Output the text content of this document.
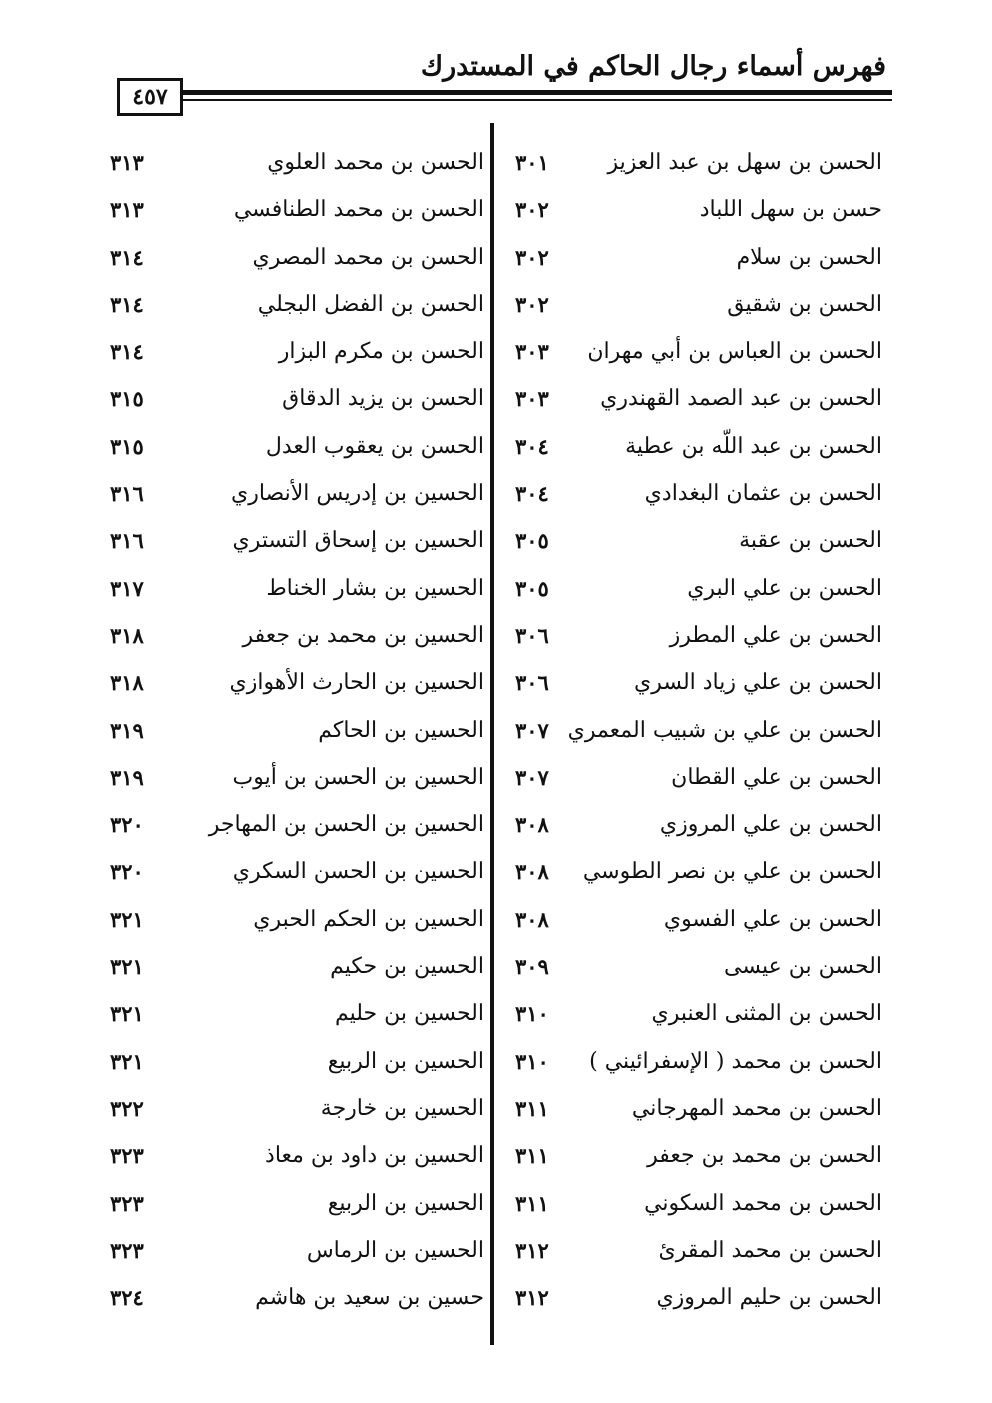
فهرس أسماء رجال الحاكم في المستدرك
٤٥٧
الحسن بن سهل بن عبد العزيز
٣٠١
حسن بن سهل اللباد
٣٠٢
الحسن بن سلام
٣٠٢
الحسن بن شقيق
٣٠٢
الحسن بن العباس بن أبي مهران
٣٠٣
الحسن بن عبد الصمد القهندري
٣٠٣
الحسن بن عبد اللّه بن عطية
٣٠٤
الحسن بن عثمان البغدادي
٣٠٤
الحسن بن عقبة
٣٠٥
الحسن بن علي البري
٣٠٥
الحسن بن علي المطرز
٣٠٦
الحسن بن علي زياد السري
٣٠٦
الحسن بن علي بن شبيب المعمري
٣٠٧
الحسن بن علي القطان
٣٠٧
الحسن بن علي المروزي
٣٠٨
الحسن بن علي بن نصر الطوسي
٣٠٨
الحسن بن علي الفسوي
٣٠٨
الحسن بن عيسى
٣٠٩
الحسن بن المثنى العنبري
٣١٠
الحسن بن محمد ( الإسفرائيني )
٣١٠
الحسن بن محمد المهرجاني
٣١١
الحسن بن محمد بن جعفر
٣١١
الحسن بن محمد السكوني
٣١١
الحسن بن محمد المقرئ
٣١٢
الحسن بن حليم المروزي
٣١٢
الحسن بن محمد العلوي
٣١٣
الحسن بن محمد الطنافسي
٣١٣
الحسن بن محمد المصري
٣١٤
الحسن بن الفضل البجلي
٣١٤
الحسن بن مكرم البزار
٣١٤
الحسن بن يزيد الدقاق
٣١٥
الحسن بن يعقوب العدل
٣١٥
الحسين بن إدريس الأنصاري
٣١٦
الحسين بن إسحاق التستري
٣١٦
الحسين بن بشار الخناط
٣١٧
الحسين بن محمد بن جعفر
٣١٨
الحسين بن الحارث الأهوازي
٣١٨
الحسين بن الحاكم
٣١٩
الحسين بن الحسن بن أيوب
٣١٩
الحسين بن الحسن بن المهاجر
٣٢٠
الحسين بن الحسن السكري
٣٢٠
الحسين بن الحكم الحبري
٣٢١
الحسين بن حكيم
٣٢١
الحسين بن حليم
٣٢١
الحسين بن الربيع
٣٢١
الحسين بن خارجة
٣٢٢
الحسين بن داود بن معاذ
٣٢٣
الحسين بن الربيع
٣٢٣
الحسين بن الرماس
٣٢٣
حسين بن سعيد بن هاشم
٣٢٤
